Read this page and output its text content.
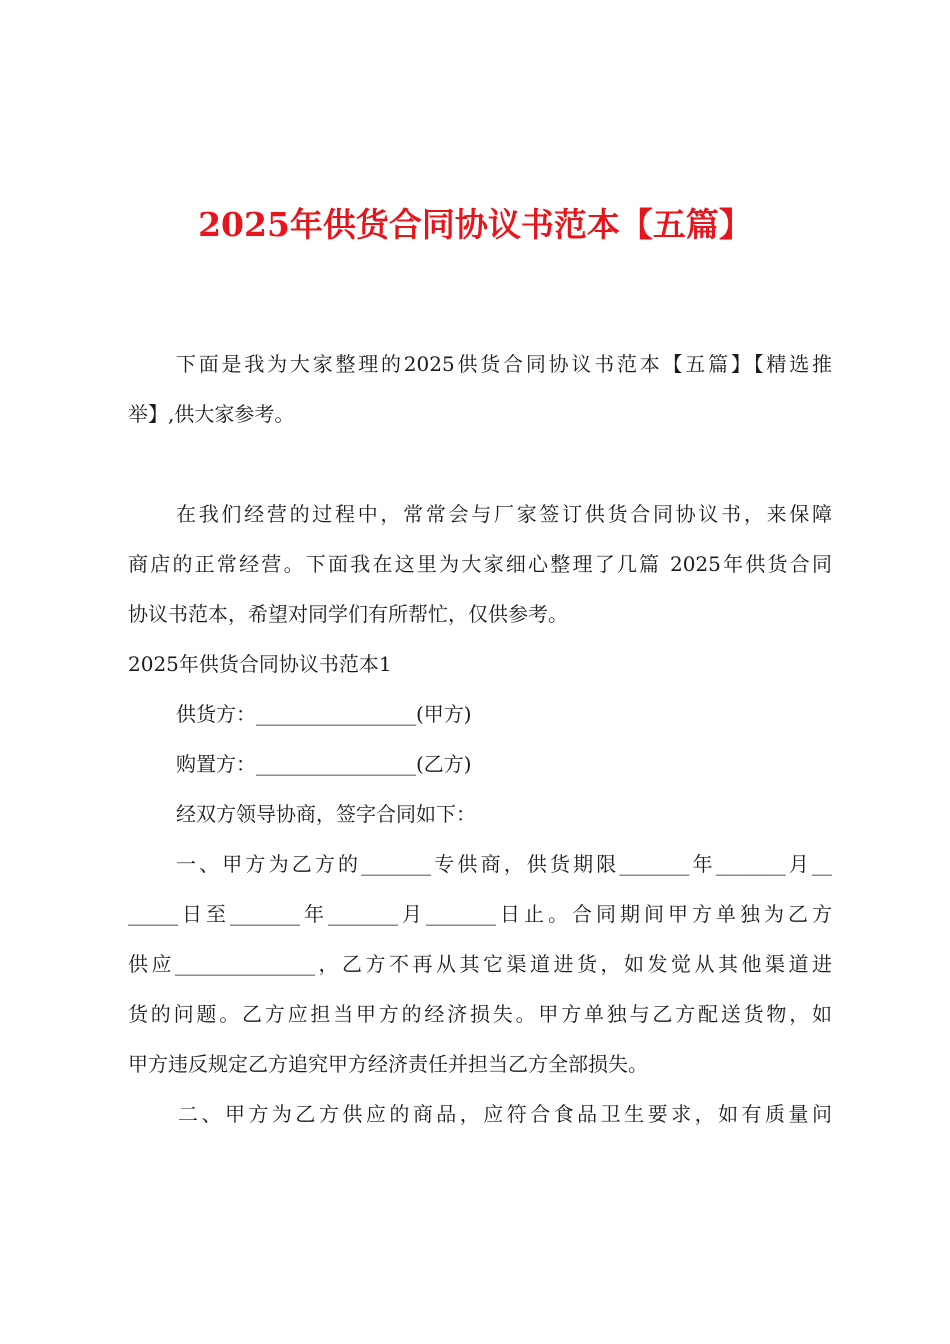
2025年供货合同协议书范本【五篇】
下面是我为大家整理的2025供货合同协议书范本【五篇】【精选推
举】,供大家参考。
在我们经营的过程中，常常会与厂家签订供货合同协议书，来保障
商店的正常经营。下面我在这里为大家细心整理了几篇 2025年供货合同
协议书范本，希望对同学们有所帮忙，仅供参考。
2025年供货合同协议书范本1
供货方：________________(甲方)
购置方：________________(乙方)
经双方领导协商，签字合同如下：
一、甲方为乙方的_______专供商，供货期限_______年_______月__
_____日至_______年_______月_______日止。合同期间甲方单独为乙方
供应______________，乙方不再从其它渠道进货，如发觉从其他渠道进
货的问题。乙方应担当甲方的经济损失。甲方单独与乙方配送货物，如
甲方违反规定乙方追究甲方经济责任并担当乙方全部损失。
二、甲方为乙方供应的商品，应符合食品卫生要求，如有质量问
